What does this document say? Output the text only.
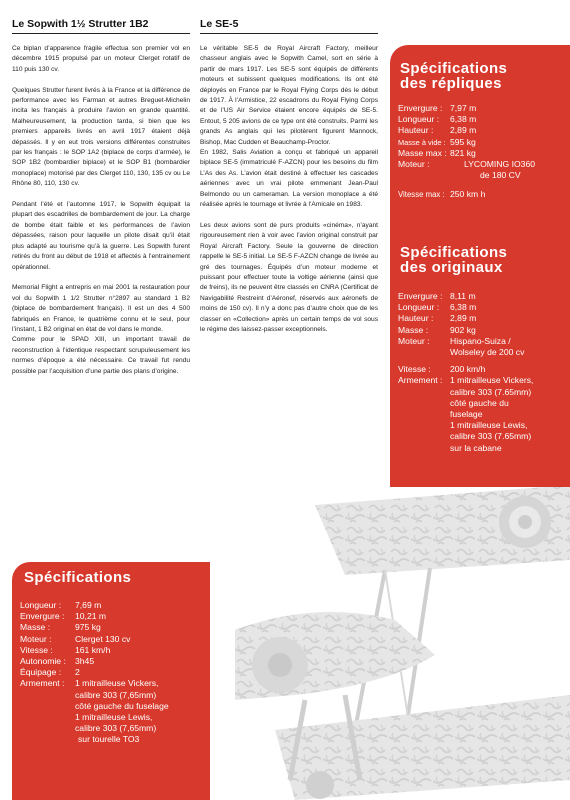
Le Sopwith 1½ Strutter 1B2

Ce biplan d’apparence fragile effectua son premier vol en décembre 1915 propulsé par un moteur Clerget rotatif de 110 puis 130 cv.

Quelques Strutter furent livrés à la France et la différence de performance avec les Farman et autres Breguet-Michelin incita les français à produire l’avion en grande quantité. Malheureusement, la production tarda, si bien que les premiers appareils livrés en avril 1917 étaient déjà dépassés. Il y en eut trois versions différentes construites par les français : le SOP 1A2 (biplace de corps d’armée), le SOP 1B2 (bombardier biplace) et le SOP B1 (bombardier monoplace) motorisé par des Clerget 110, 130, 135 cv ou Le Rhône 80, 110, 130 cv.

Pendant l’été et l’automne 1917, le Sopwith équipait la plupart des escadrilles de bombardement de jour. La charge de bombe était faible et les performances de l’avion dépassées, raison pour laquelle un pilote disait qu’il était plus adapté au tourisme qu’à la guerre. Les Sopwith furent retirés du front au début de 1918 et affectés à l’entrainement opérationnel.

Memorial Flight a entrepris en mai 2001 la restauration pour vol du Sopwith 1 1/2 Strutter n°2897 au standard 1 B2 (biplace de bombardement français). Il est un des 4 500 fabriqués en France, le quatrième connu et le seul, pour l’instant, 1 B2 original en état de vol dans le monde.

Comme pour le SPAD XIII, un important travail de reconstruction à l’identique respectant scrupuleusement les normes d’époque a été nécessaire. Ce travail fut rendu possible par l’acquisition d’une partie des plans d’origine.

Le SE-5

Le véritable SE-5 de Royal Aircraft Factory, meilleur chasseur anglais avec le Sopwith Camel, sort en série à partir de mars 1917. Les SE-5 sont équipés de différents moteurs et subissent quelques modifications. Ils ont été déployés en France par le Royal Flying Corps dès le début de 1917. À l’Armistice, 22 escadrons du Royal Flying Corps et de l’US Air Service étaient encore équipés de SE-5. Entout, 5 205 avions de ce type ont été construits. Parmi les grands As anglais qui les pilotèrent figurent Mannock, Bishop, Mac Cudden et Beauchamp-Proctor.

En 1982, Salis Aviation a conçu et fabriqué un appareil biplace SE-5 (immatriculé F-AZCN) pour les besoins du film L’As des As. L’avion était destiné à effectuer les cascades aériennes avec un vrai pilote emmenant Jean-Paul Belmondo ou un cameraman. La version monoplace a été réalisée après le tournage et livrée à l’Amicale en 1983.

Les deux avions sont de purs produits «cinéma», n’ayant rigoureusement rien à voir avec l’avion original construit par Royal Aircraft Factory. Seule la gouverne de direction rappelle le SE-5 initial. Le SE-5 F-AZCN change de livrée au gré des tournages. Équipés d’un moteur moderne et puissant pour effectuer toute la voltige aérienne (ainsi que de freins), ils ne peuvent être classés en CNRA (Certificat de Navigabilité Restreint d’Aéronef, réservés aux aéronefs de moins de 150 cv). Il n’y a donc pas d’autre choix que de les classer en «Collection» après un certain temps de vol sous le régime des laissez-passer exceptionnels.

Spécifications
des répliques
Envergure : 7,97 m
Longueur :	6,38 m
Hauteur :	2,89 m
Masse à vide : 595 kg
Masse max : 821 kg
Moteur :	LYCOMING IO360
de 180 CV
Vitesse max : 250 km h
Spécifications
des originaux
Envergure : 8,11 m
Longueur :	6,38 m
Hauteur :	2,89 m
Masse :	902 kg
Moteur :	Hispano-Suiza /
Wolseley de 200 cv
Vitesse :	200 km/h
Armement : 1 mitrailleuse Vickers,
calibre 303 (7.65mm)
côté gauche du
fuselage
1 mitrailleuse Lewis,
calibre 303 (7.65mm)
sur la cabane
Spécifications
Longueur :	7,69 m
Envergure :	10,21 m
Masse :	975 kg
Moteur :	Clerget 130 cv
Vitesse :	161 km/h
Autonomie :	3h45
Équipage :	2
Armement :	1 mitrailleuse Vickers,
calibre 303 (7,65mm)
côté gauche du fuselage
1 mitrailleuse Lewis,
calibre 303 (7,65mm)
sur tourelle TO3
